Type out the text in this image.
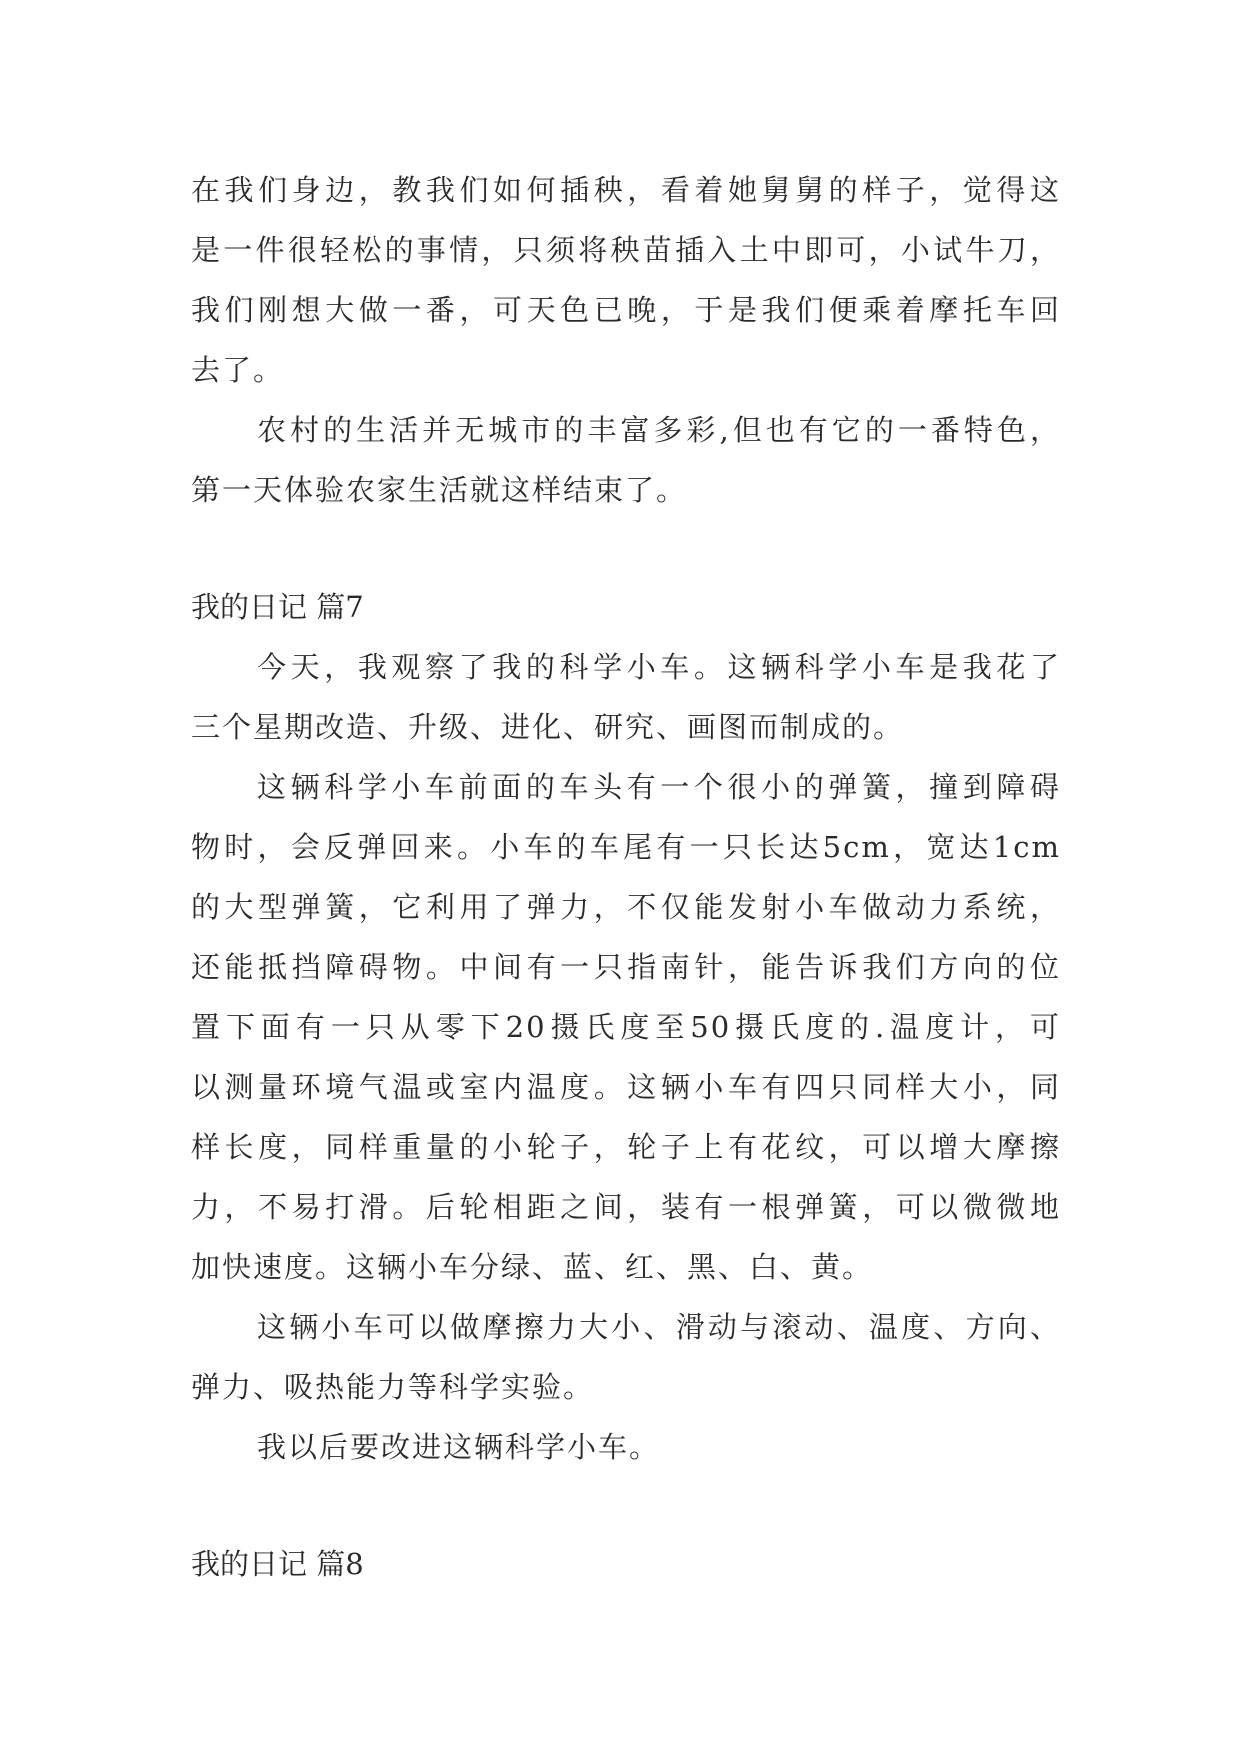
在我们身边，教我们如何插秧，看着她舅舅的样子，觉得这
是一件很轻松的事情，只须将秧苗插入土中即可，小试牛刀，
我们刚想大做一番，可天色已晚，于是我们便乘着摩托车回
去了。
农村的生活并无城市的丰富多彩,但也有它的一番特色，
第一天体验农家生活就这样结束了。
我的日记 篇7
今天，我观察了我的科学小车。这辆科学小车是我花了
三个星期改造、升级、进化、研究、画图而制成的。
这辆科学小车前面的车头有一个很小的弹簧，撞到障碍
物时，会反弹回来。小车的车尾有一只长达5cm，宽达1cm
的大型弹簧，它利用了弹力，不仅能发射小车做动力系统，
还能抵挡障碍物。中间有一只指南针，能告诉我们方向的位
置下面有一只从零下20摄氏度至50摄氏度的.温度计，可
以测量环境气温或室内温度。这辆小车有四只同样大小，同
样长度，同样重量的小轮子，轮子上有花纹，可以增大摩擦
力，不易打滑。后轮相距之间，装有一根弹簧，可以微微地
加快速度。这辆小车分绿、蓝、红、黑、白、黄。
这辆小车可以做摩擦力大小、滑动与滚动、温度、方向、
弹力、吸热能力等科学实验。
我以后要改进这辆科学小车。
我的日记 篇8
